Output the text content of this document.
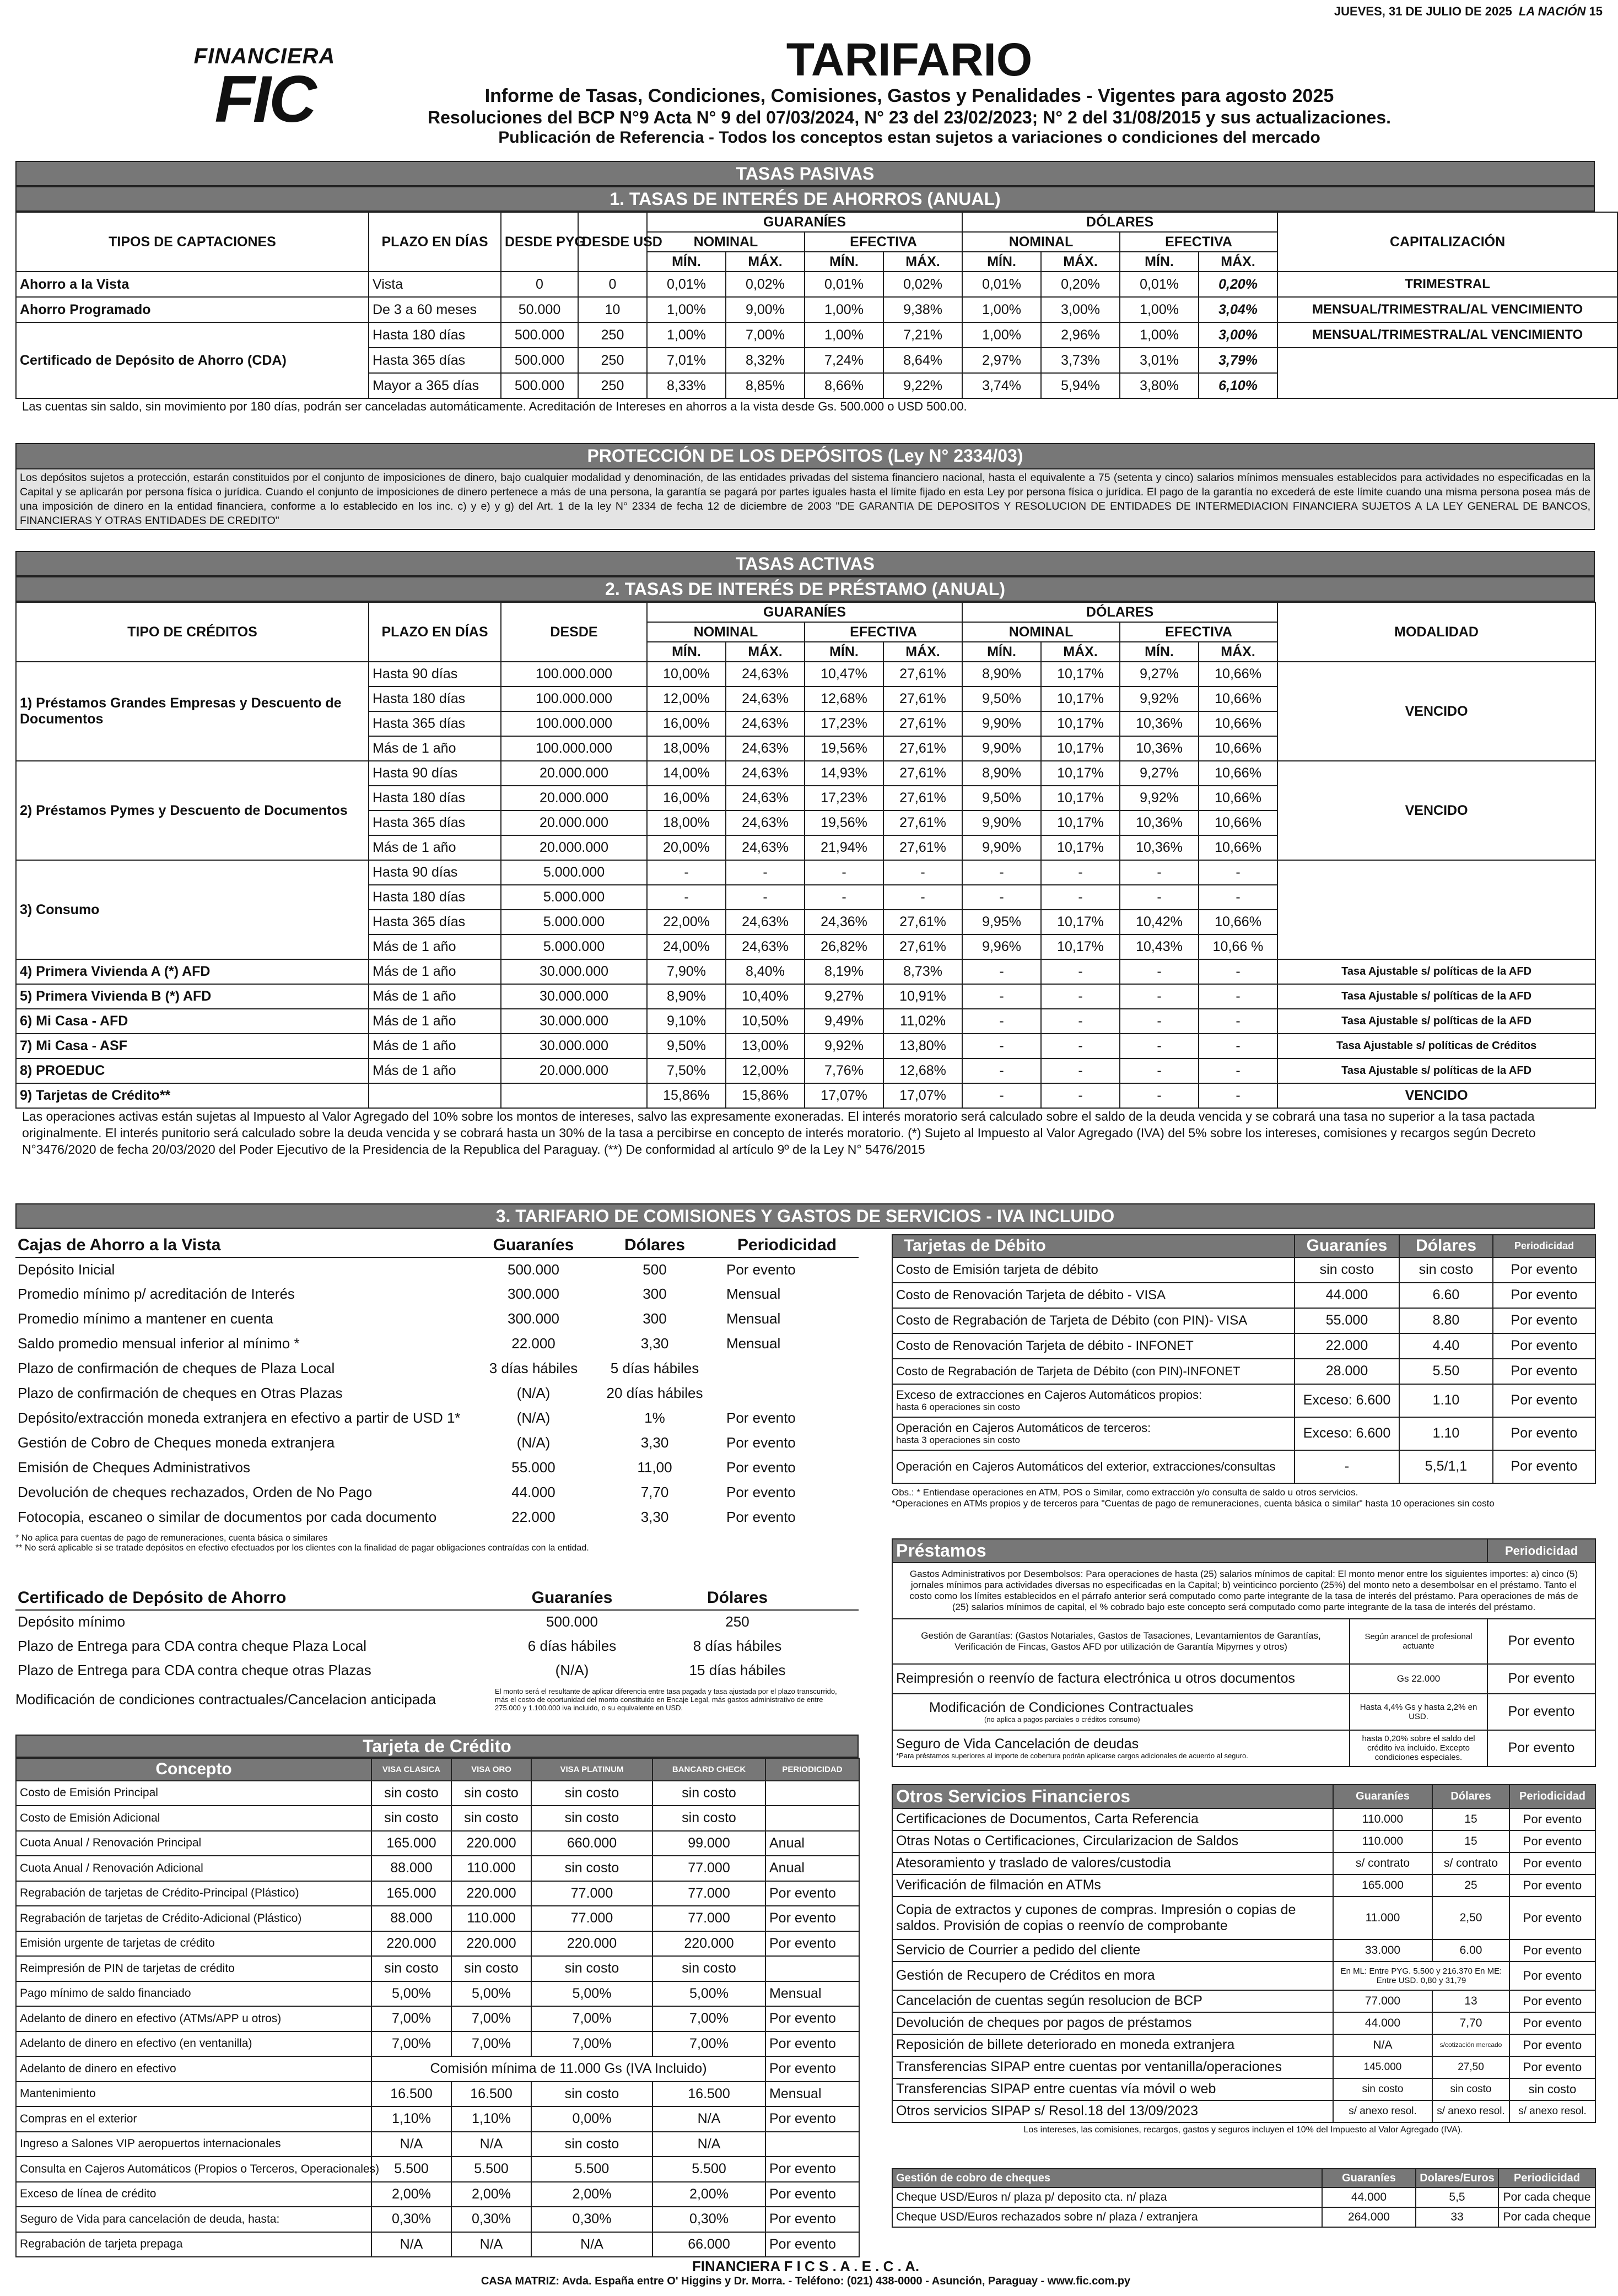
JUEVES, 31 DE JULIO DE 2025 LA NACIÓN 15
FINANCIERA
FIC
TARIFARIO
Informe de Tasas, Condiciones, Comisiones, Gastos y Penalidades - Vigentes para agosto 2025
Resoluciones del BCP N°9 Acta N° 9 del 07/03/2024, N° 23 del 23/02/2023; N° 2 del 31/08/2015 y sus actualizaciones.
Publicación de Referencia - Todos los conceptos estan sujetos a variaciones o condiciones del mercado
TASAS PASIVAS
1. TASAS DE INTERÉS DE AHORROS (ANUAL)
TIPOS DE CAPTACIONES	PLAZO EN DÍAS	DESDE PYG	DESDE USD	GUARANÍES				DÓLARES				CAPITALIZACIÓN
				NOMINAL		EFECTIVA		NOMINAL		EFECTIVA		
				MÍN.	MÁX.	MÍN.	MÁX.	MÍN.	MÁX.	MÍN.	MÁX.	
Ahorro a la Vista	Vista	0	0	0,01%	0,02%	0,01%	0,02%	0,01%	0,20%	0,01%	0,20%	TRIMESTRAL
Ahorro Programado	De 3 a 60 meses	50.000	10	1,00%	9,00%	1,00%	9,38%	1,00%	3,00%	1,00%	3,04%	MENSUAL/TRIMESTRAL/AL VENCIMIENTO
Certificado de Depósito de Ahorro (CDA)	Hasta 180 días	500.000	250	1,00%	7,00%	1,00%	7,21%	1,00%	2,96%	1,00%	3,00%	MENSUAL/TRIMESTRAL/AL VENCIMIENTO
	Hasta 365 días	500.000	250	7,01%	8,32%	7,24%	8,64%	2,97%	3,73%	3,01%	3,79%	
	Mayor a 365 días	500.000	250	8,33%	8,85%	8,66%	9,22%	3,74%	5,94%	3,80%	6,10%	
Las cuentas sin saldo, sin movimiento por 180 días, podrán ser canceladas automáticamente. Acreditación de Intereses en ahorros a la vista desde Gs. 500.000 o USD 500.00.
PROTECCIÓN DE LOS DEPÓSITOS (Ley N° 2334/03)
Los depósitos sujetos a protección, estarán constituidos por el conjunto de imposiciones de dinero, bajo cualquier modalidad y denominación, de las entidades privadas del sistema financiero nacional, hasta el equivalente a 75 (setenta y cinco) salarios mínimos mensuales establecidos para actividades no especificadas en la Capital y se aplicarán por persona física o jurídica. Cuando el conjunto de imposiciones de dinero pertenece a más de una persona, la garantía se pagará por partes iguales hasta el límite fijado en esta Ley por persona física o jurídica. El pago de la garantía no excederá de este límite cuando una misma persona posea más de una imposición de dinero en la entidad financiera, conforme a lo establecido en los inc. c) y e) y g) del Art. 1 de la ley N° 2334 de fecha 12 de diciembre de 2003 "DE GARANTIA DE DEPOSITOS Y RESOLUCION DE ENTIDADES DE INTERMEDIACION FINANCIERA SUJETOS A LA LEY GENERAL DE BANCOS, FINANCIERAS Y OTRAS ENTIDADES DE CREDITO"
TASAS ACTIVAS
2. TASAS DE INTERÉS DE PRÉSTAMO (ANUAL)
TIPO DE CRÉDITOS	PLAZO EN DÍAS	DESDE	GUARANÍES				DÓLARES				MODALIDAD
			NOMINAL		EFECTIVA		NOMINAL		EFECTIVA		
			MÍN.	MÁX.	MÍN.	MÁX.	MÍN.	MÁX.	MÍN.	MÁX.	
1) Préstamos Grandes Empresas y Descuento de Documentos	Hasta 90 días	100.000.000	10,00%	24,63%	10,47%	27,61%	8,90%	10,17%	9,27%	10,66%	VENCIDO
	Hasta 180 días	100.000.000	12,00%	24,63%	12,68%	27,61%	9,50%	10,17%	9,92%	10,66%	
	Hasta 365 días	100.000.000	16,00%	24,63%	17,23%	27,61%	9,90%	10,17%	10,36%	10,66%	
	Más de 1 año	100.000.000	18,00%	24,63%	19,56%	27,61%	9,90%	10,17%	10,36%	10,66%	
2) Préstamos Pymes y Descuento de Documentos	Hasta 90 días	20.000.000	14,00%	24,63%	14,93%	27,61%	8,90%	10,17%	9,27%	10,66%	VENCIDO
	Hasta 180 días	20.000.000	16,00%	24,63%	17,23%	27,61%	9,50%	10,17%	9,92%	10,66%	
	Hasta 365 días	20.000.000	18,00%	24,63%	19,56%	27,61%	9,90%	10,17%	10,36%	10,66%	
	Más de 1 año	20.000.000	20,00%	24,63%	21,94%	27,61%	9,90%	10,17%	10,36%	10,66%	
3) Consumo	Hasta 90 días	5.000.000	-	-	-	-	-	-	-	-	
	Hasta 180 días	5.000.000	-	-	-	-	-	-	-	-	
	Hasta 365 días	5.000.000	22,00%	24,63%	24,36%	27,61%	9,95%	10,17%	10,42%	10,66%	
	Más de 1 año	5.000.000	24,00%	24,63%	26,82%	27,61%	9,96%	10,17%	10,43%	10,66 %	
4) Primera Vivienda A (*) AFD	Más de 1 año	30.000.000	7,90%	8,40%	8,19%	8,73%	-	-	-	-	Tasa Ajustable s/ políticas de la AFD
5) Primera Vivienda B (*) AFD	Más de 1 año	30.000.000	8,90%	10,40%	9,27%	10,91%	-	-	-	-	Tasa Ajustable s/ políticas de la AFD
6) Mi Casa - AFD	Más de 1 año	30.000.000	9,10%	10,50%	9,49%	11,02%	-	-	-	-	Tasa Ajustable s/ políticas de la AFD
7) Mi Casa - ASF	Más de 1 año	30.000.000	9,50%	13,00%	9,92%	13,80%	-	-	-	-	Tasa Ajustable s/ políticas de Créditos
8) PROEDUC	Más de 1 año	20.000.000	7,50%	12,00%	7,76%	12,68%	-	-	-	-	Tasa Ajustable s/ políticas de la AFD
9) Tarjetas de Crédito**			15,86%	15,86%	17,07%	17,07%	-	-	-	-	VENCIDO
Las operaciones activas están sujetas al Impuesto al Valor Agregado del 10% sobre los montos de intereses, salvo las expresamente exoneradas. El interés moratorio será calculado sobre el saldo de la deuda vencida y se cobrará una tasa no superior a la tasa pactada originalmente. El interés punitorio será calculado sobre la deuda vencida y se cobrará hasta un 30% de la tasa a percibirse en concepto de interés moratorio. (*) Sujeto al Impuesto al Valor Agregado (IVA) del 5% sobre los intereses, comisiones y recargos según Decreto N°3476/2020 de fecha 20/03/2020 del Poder Ejecutivo de la Presidencia de la Republica del Paraguay. (**) De conformidad al artículo 9º de la Ley N° 5476/2015
3. TARIFARIO DE COMISIONES Y GASTOS DE SERVICIOS - IVA INCLUIDO
Cajas de Ahorro a la Vista	Guaraníes	Dólares	Periodicidad
Depósito Inicial	500.000	500	Por evento
Promedio mínimo p/ acreditación de Interés	300.000	300	Mensual
Promedio mínimo a mantener en cuenta	300.000	300	Mensual
Saldo promedio mensual inferior al mínimo *	22.000	3,30	Mensual
Plazo de confirmación de cheques de Plaza Local	3 días hábiles	5 días hábiles	
Plazo de confirmación de cheques en Otras Plazas	(N/A)	20 días hábiles	
Depósito/extracción moneda extranjera en efectivo a partir de USD 1*	(N/A)	1%	Por evento
Gestión de Cobro de Cheques moneda extranjera	(N/A)	3,30	Por evento
Emisión de Cheques Administrativos	55.000	11,00	Por evento
Devolución de cheques rechazados, Orden de No Pago	44.000	7,70	Por evento
Fotocopia, escaneo o similar de documentos por cada documento	22.000	3,30	Por evento
* No aplica para cuentas de pago de remuneraciones, cuenta básica o similares
** No será aplicable si se tratade depósitos en efectivo efectuados por los clientes con la finalidad de pagar obligaciones contraídas con la entidad.
Certificado de Depósito de Ahorro	Guaraníes	Dólares	
Depósito mínimo	500.000	250	
Plazo de Entrega para CDA contra cheque Plaza Local	6 días hábiles	8 días hábiles	
Plazo de Entrega para CDA contra cheque otras Plazas	(N/A)	15 días hábiles	
Modificación de condiciones contractuales/Cancelacion anticipada	El monto será el resultante de aplicar diferencia entre tasa pagada y tasa ajustada por el plazo transcurrido, más el costo de oportunidad del monto constituido en Encaje Legal, más gastos administrativo de entre 275.000 y 1.100.000 iva incluido, o su equivalente en USD.
Tarjeta de Crédito
Concepto	VISA CLASICA	VISA ORO	VISA PLATINUM	BANCARD CHECK	PERIODICIDAD
Costo de Emisión Principal	sin costo	sin costo	sin costo	sin costo	
Costo de Emisión Adicional	sin costo	sin costo	sin costo	sin costo	
Cuota Anual / Renovación Principal	165.000	220.000	660.000	99.000	Anual
Cuota Anual / Renovación Adicional	88.000	110.000	sin costo	77.000	Anual
Regrabación de tarjetas de Crédito-Principal (Plástico)	165.000	220.000	77.000	77.000	Por evento
Regrabación de tarjetas de Crédito-Adicional (Plástico)	88.000	110.000	77.000	77.000	Por evento
Emisión urgente de tarjetas de crédito	220.000	220.000	220.000	220.000	Por evento
Reimpresión de PIN de tarjetas de crédito	sin costo	sin costo	sin costo	sin costo	
Pago mínimo de saldo financiado	5,00%	5,00%	5,00%	5,00%	Mensual
Adelanto de dinero en efectivo (ATMs/APP u otros)	7,00%	7,00%	7,00%	7,00%	Por evento
Adelanto de dinero en efectivo (en ventanilla)	7,00%	7,00%	7,00%	7,00%	Por evento
Adelanto de dinero en efectivo	Comisión mínima de 11.000 Gs (IVA Incluido)				Por evento
Mantenimiento	16.500	16.500	sin costo	16.500	Mensual
Compras en el exterior	1,10%	1,10%	0,00%	N/A	Por evento
Ingreso a Salones VIP aeropuertos internacionales	N/A	N/A	sin costo	N/A	
Consulta en Cajeros Automáticos (Propios o Terceros, Operacionales)	5.500	5.500	5.500	5.500	Por evento
Exceso de línea de crédito	2,00%	2,00%	2,00%	2,00%	Por evento
Seguro de Vida para cancelación de deuda, hasta:	0,30%	0,30%	0,30%	0,30%	Por evento
Regrabación de tarjeta prepaga	N/A	N/A	N/A	66.000	Por evento
Tarjetas de Débito	Guaraníes	Dólares	Periodicidad
Costo de Emisión tarjeta de débito	sin costo	sin costo	Por evento
Costo de Renovación Tarjeta de débito - VISA	44.000	6.60	Por evento
Costo de Regrabación de Tarjeta de Débito (con PIN)- VISA	55.000	8.80	Por evento
Costo de Renovación Tarjeta de débito - INFONET	22.000	4.40	Por evento
Costo de Regrabación de Tarjeta de Débito (con PIN)-INFONET	28.000	5.50	Por evento

Exceso de extracciones en Cajeros Automáticos propios:
hasta 6 operaciones sin costo	Exceso: 6.600	1.10	Por evento

Operación en Cajeros Automáticos de terceros:
hasta 3 operaciones sin costo	Exceso: 6.600	1.10	Por evento
Operación en Cajeros Automáticos del exterior, extracciones/consultas	-	5,5/1,1	Por evento
Obs.: * Entiendase operaciones en ATM, POS o Similar, como extracción y/o consulta de saldo u otros servicios.
*Operaciones en ATMs propios y de terceros para "Cuentas de pago de remuneraciones, cuenta básica o similar" hasta 10 operaciones sin costo
Préstamos		Periodicidad
Gastos Administrativos por Desembolsos: Para operaciones de hasta (25) salarios mínimos de capital: El monto menor entre los siguientes importes: a) cinco (5) jornales mínimos para actividades diversas no especificadas en la Capital; b) veinticinco porciento (25%) del monto neto a desembolsar en el préstamo. Tanto el costo como los límites establecidos en el párrafo anterior será computado como parte integrante de la tasa de interés del préstamo. Para operaciones de más de (25) salarios mínimos de capital, el % cobrado bajo este concepto será computado como parte integrante de la tasa de interés del préstamo.		

Gestión de Garantías: (Gastos Notariales, Gastos de Tasaciones, Levantamientos de Garantías, Verificación de Fincas, Gastos AFD por utilización de Garantía Mipymes y otros)	Según arancel de profesional actuante	Por evento

Reimpresión o reenvío de factura electrónica u otros documentos	Gs 22.000	Por evento

Modificación de Condiciones Contractuales
(no aplica a pagos parciales o créditos consumo)	Hasta 4,4% Gs y hasta 2,2% en USD.	Por evento

Seguro de Vida Cancelación de deudas
*Para préstamos superiores al importe de cobertura podrán aplicarse cargos adicionales de acuerdo al seguro.	hasta 0,20% sobre el saldo del crédito iva incluido. Excepto condiciones especiales.	Por evento
Otros Servicios Financieros	Guaraníes	Dólares	Periodicidad
Certificaciones de Documentos, Carta Referencia	110.000	15	Por evento
Otras Notas o Certificaciones, Circularizacion de Saldos	110.000	15	Por evento
Atesoramiento y traslado de valores/custodia	s/ contrato	s/ contrato	Por evento
Verificación de filmación en ATMs	165.000	25	Por evento
Copia de extractos y cupones de compras. Impresión o copias de saldos. Provisión de copias o reenvío de comprobante	11.000	2,50	Por evento
Servicio de Courrier a pedido del cliente	33.000	6.00	Por evento
Gestión de Recupero de Créditos en mora	En ML: Entre PYG. 5.500 y 216.370 En ME: Entre USD. 0,80 y 31,79		Por evento
Cancelación de cuentas según resolucion de BCP	77.000	13	Por evento
Devolución de cheques por pagos de préstamos	44.000	7,70	Por evento
Reposición de billete deteriorado en moneda extranjera	N/A	s/cotización mercado	Por evento
Transferencias SIPAP entre cuentas por ventanilla/operaciones	145.000	27,50	Por evento
Transferencias SIPAP entre cuentas vía móvil o web	sin costo	sin costo	sin costo
Otros servicios SIPAP s/ Resol.18 del 13/09/2023	s/ anexo resol.	s/ anexo resol.	s/ anexo resol.
Los intereses, las comisiones, recargos, gastos y seguros incluyen el 10% del Impuesto al Valor Agregado (IVA).
Gestión de cobro de cheques	Guaraníes	Dolares/Euros	Periodicidad
Cheque USD/Euros n/ plaza p/ deposito cta. n/ plaza	44.000	5,5	Por cada cheque
Cheque USD/Euros rechazados sobre n/ plaza / extranjera	264.000	33	Por cada cheque
FINANCIERA F I C S . A . E . C . A.
CASA MATRIZ: Avda. España entre O' Higgins y Dr. Morra. - Teléfono: (021) 438-0000 - Asunción, Paraguay - www.fic.com.py
